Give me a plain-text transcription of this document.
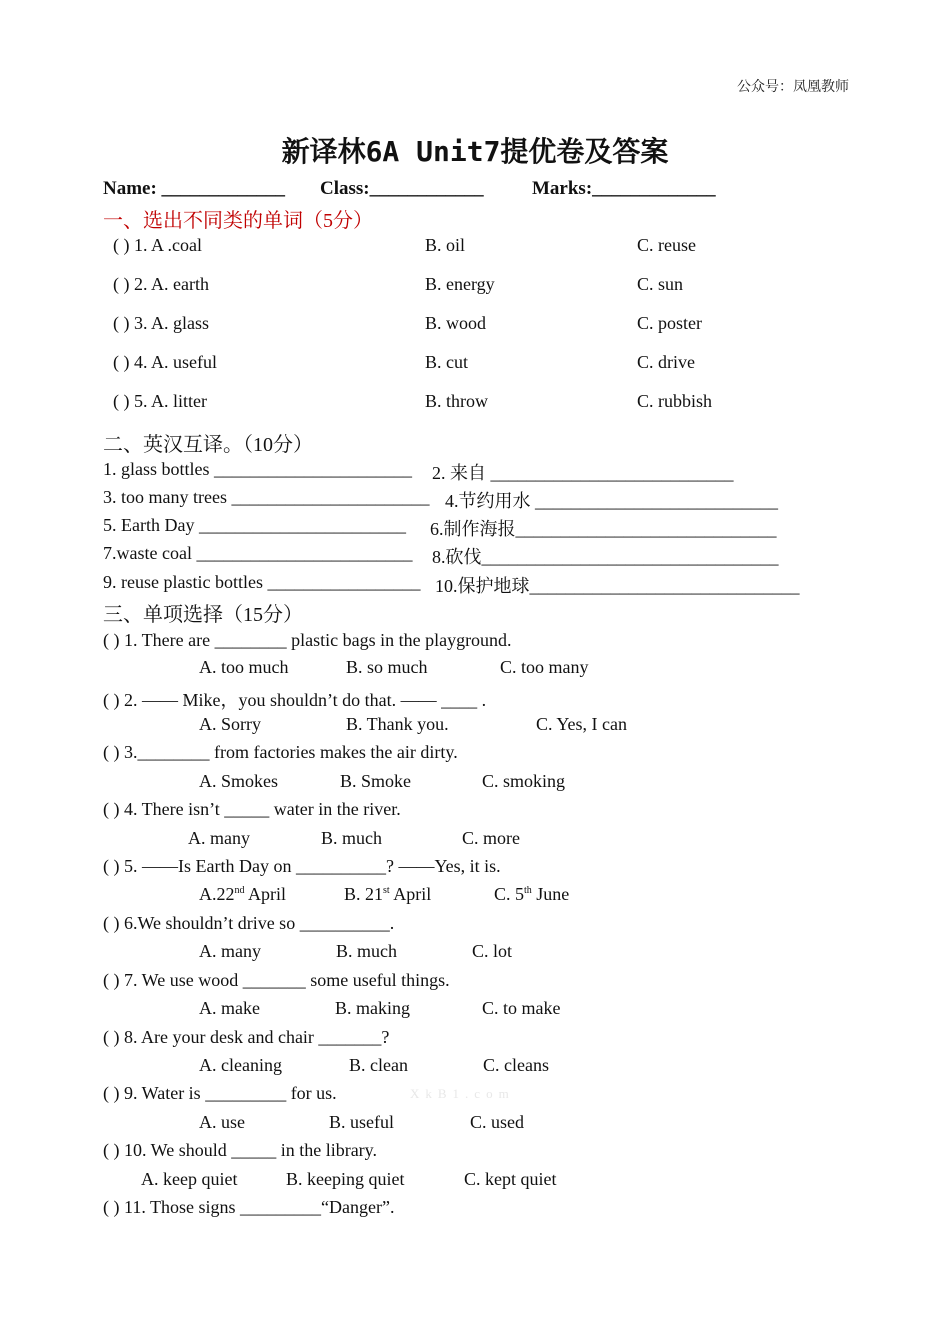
公众号：凤凰教师
新译林6A Unit7提优卷及答案
Name: _____________ Class:____________	Marks:_____________
一、选出不同类的单词（5分）
( ) 1. A .coal	B. oil	C. reuse
( ) 2. A. earth	B. energy	C. sun
( ) 3. A. glass	B. wood	C. poster
( ) 4. A. useful	B. cut	C. drive
( ) 5. A. litter	B. throw	C. rubbish
二、英汉互译。（10分）
1. glass bottles ______________________ 2. 来自 ___________________________
3. too many trees ______________________ 4.节约用水 ___________________________
5. Earth Day _______________________ 6.制作海报_____________________________
7.waste coal ________________________ 8.砍伐_________________________________
9. reuse plastic bottles _________________ 10.保护地球______________________________
三、单项选择（15分）
( ) 1. There are ________ plastic bags in the playground.
A. too much	B. so much	C. too many
( ) 2. —— Mike，you shouldn’t do that. —— ____ .
A. Sorry	B. Thank you.	C. Yes, I can
( ) 3.________ from factories makes the air dirty.
A. Smokes	B. Smoke	C. smoking
( ) 4. There isn’t _____ water in the river.
A. many	B. much	C. more
( ) 5. ——Is Earth Day on __________? ——Yes, it is.
A.22nd April	B. 21st April	C. 5th June
( ) 6.We shouldn’t drive so __________.
A. many	B. much	C. lot
( ) 7. We use wood _______ some useful things.
A. make	B. making	C. to make
( ) 8. Are your desk and chair _______?
A. cleaning	B. clean	C. cleans
( ) 9. Water is _________ for us.	XkB1.com
A. use	B. useful	C. used
( ) 10. We should _____ in the library.
A. keep quiet	B. keeping quiet	C. kept quiet
( ) 11. Those signs _________“Danger”.
